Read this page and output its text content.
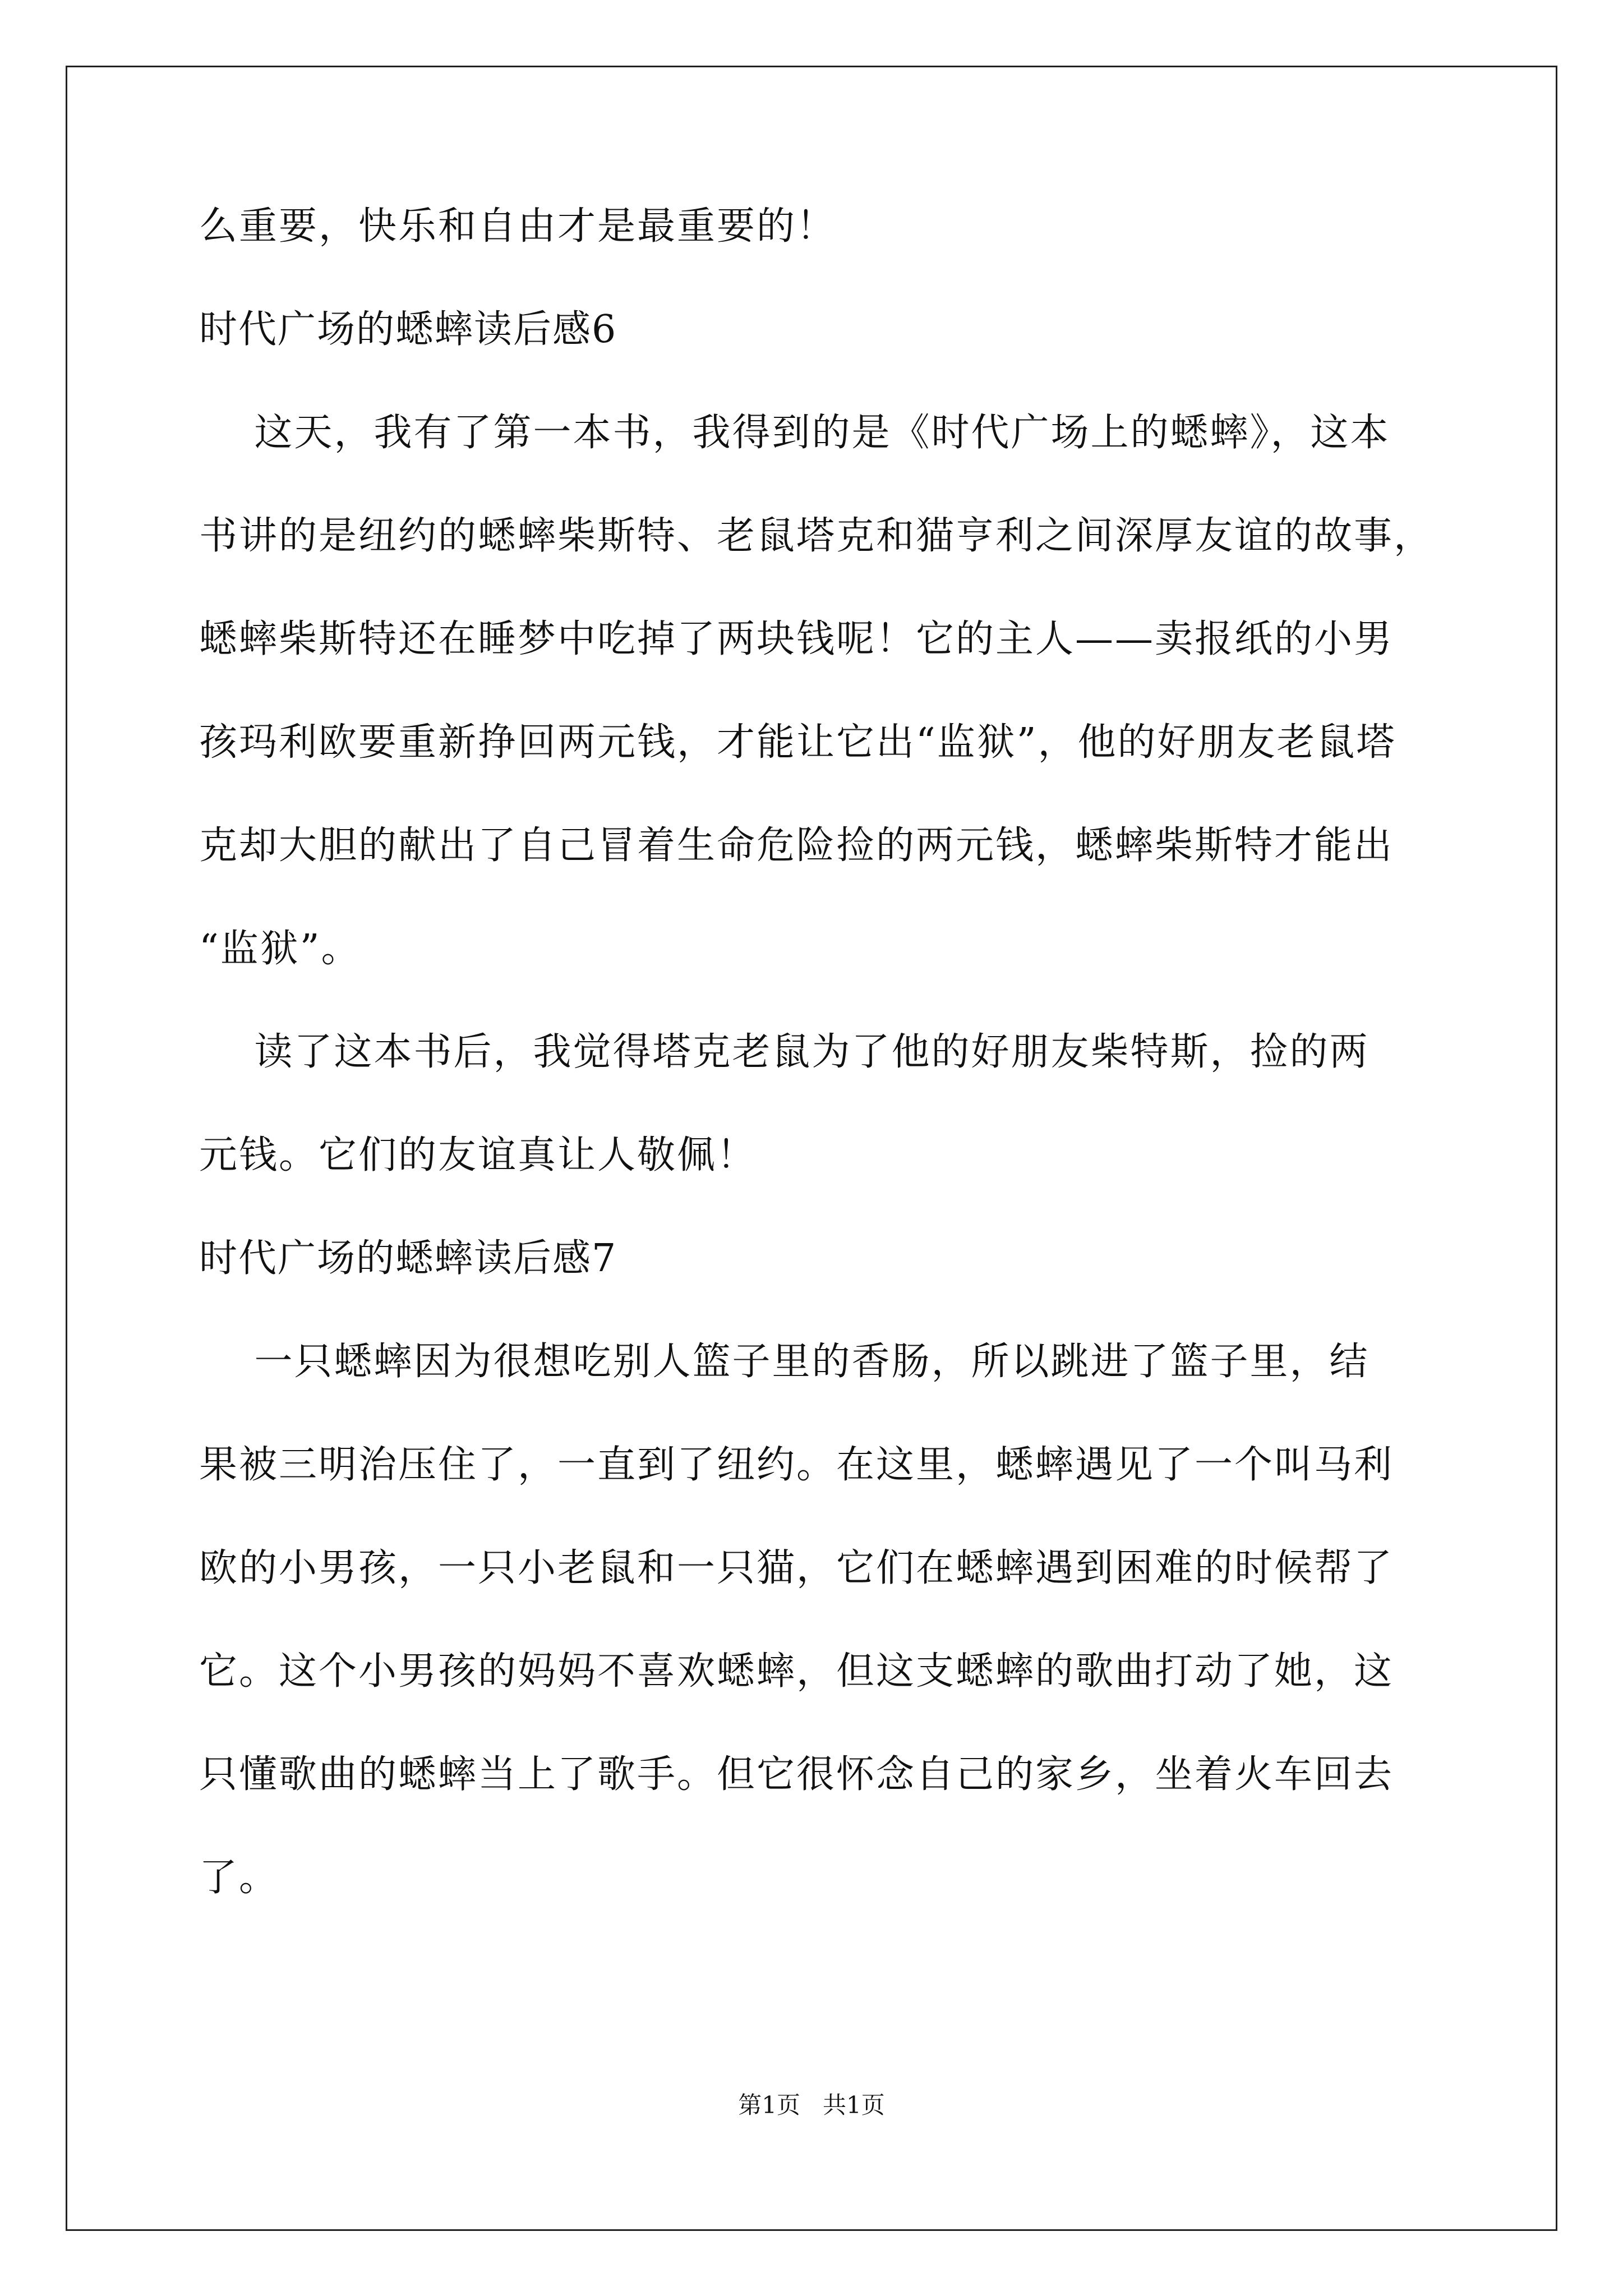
么重要，快乐和自由才是最重要的！
时代广场的蟋蟀读后感6
这天，我有了第一本书，我得到的是《时代广场上的蟋蟀》，这本
书讲的是纽约的蟋蟀柴斯特、老鼠塔克和猫亨利之间深厚友谊的故事，
蟋蟀柴斯特还在睡梦中吃掉了两块钱呢！它的主人——卖报纸的小男
孩玛利欧要重新挣回两元钱，才能让它出“监狱”，他的好朋友老鼠塔
克却大胆的献出了自己冒着生命危险捡的两元钱，蟋蟀柴斯特才能出
“监狱”。
读了这本书后，我觉得塔克老鼠为了他的好朋友柴特斯，捡的两
元钱。它们的友谊真让人敬佩！
时代广场的蟋蟀读后感7
一只蟋蟀因为很想吃别人篮子里的香肠，所以跳进了篮子里，结
果被三明治压住了，一直到了纽约。在这里，蟋蟀遇见了一个叫马利
欧的小男孩，一只小老鼠和一只猫，它们在蟋蟀遇到困难的时候帮了
它。这个小男孩的妈妈不喜欢蟋蟀，但这支蟋蟀的歌曲打动了她，这
只懂歌曲的蟋蟀当上了歌手。但它很怀念自己的家乡，坐着火车回去
了。
第1页 共1页
